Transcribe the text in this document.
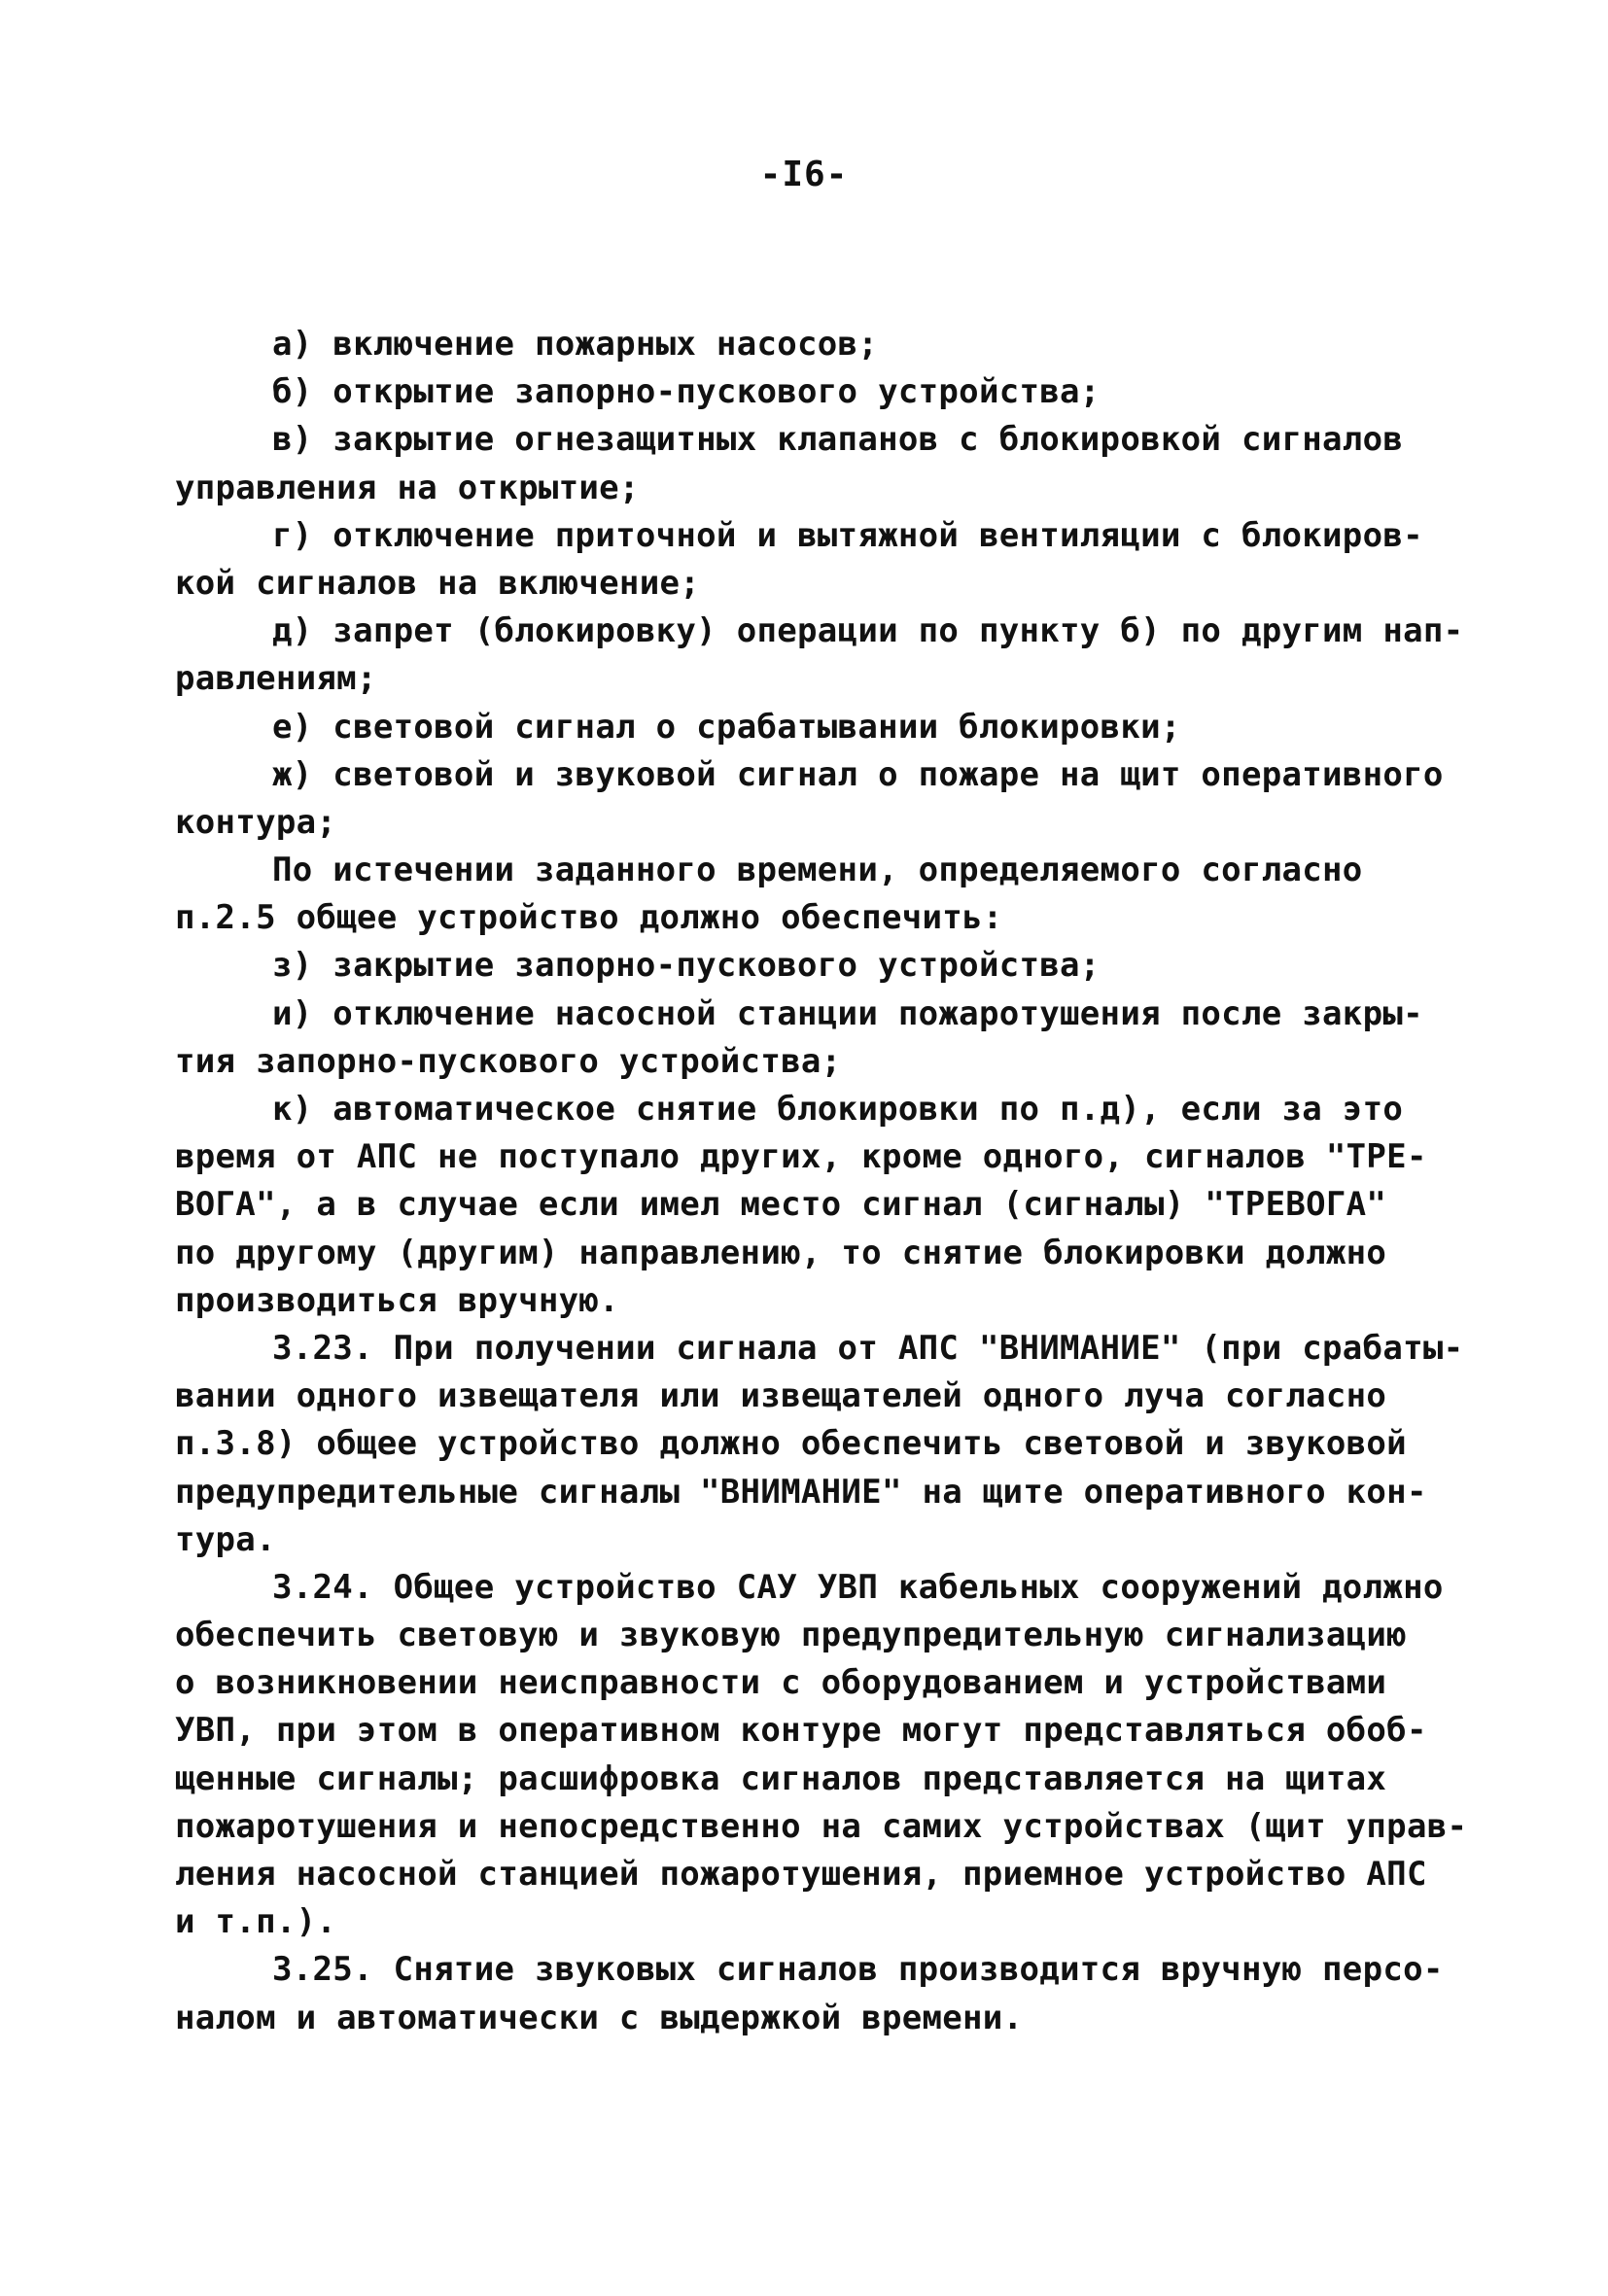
-I6-
а) включение пожарных насосов;
б) открытие запорно-пускового устройства;
в) закрытие огнезащитных клапанов с блокировкой сигналов
управления на открытие;
г) отключение приточной и вытяжной вентиляции с блокиров-
кой сигналов на включение;
д) запрет (блокировку) операции по пункту б) по другим нап-
равлениям;
е) световой сигнал о срабатывании блокировки;
ж) световой и звуковой сигнал о пожаре на щит оперативного
контура;
По истечении заданного времени, определяемого согласно
п.2.5 общее устройство должно обеспечить:
з) закрытие запорно-пускового устройства;
и) отключение насосной станции пожаротушения после закры-
тия запорно-пускового устройства;
к) автоматическое снятие блокировки по п.д), если за это
время от АПС не поступало других, кроме одного, сигналов "ТРЕ-
ВОГА", а в случае если имел место сигнал (сигналы) "ТРЕВОГА"
по другому (другим) направлению, то снятие блокировки должно
производиться вручную.
3.23. При получении сигнала от АПС "ВНИМАНИЕ" (при срабаты-
вании одного извещателя или извещателей одного луча согласно
п.3.8) общее устройство должно обеспечить световой и звуковой
предупредительные сигналы "ВНИМАНИЕ" на щите оперативного кон-
тура.
3.24. Общее устройство САУ УВП кабельных сооружений должно
обеспечить световую и звуковую предупредительную сигнализацию
о возникновении неисправности с оборудованием и устройствами
УВП, при этом в оперативном контуре могут представляться обоб-
щенные сигналы; расшифровка сигналов представляется на щитах
пожаротушения и непосредственно на самих устройствах (щит управ-
ления насосной станцией пожаротушения, приемное устройство АПС
и т.п.).
3.25. Снятие звуковых сигналов производится вручную персо-
налом и автоматически с выдержкой времени.
